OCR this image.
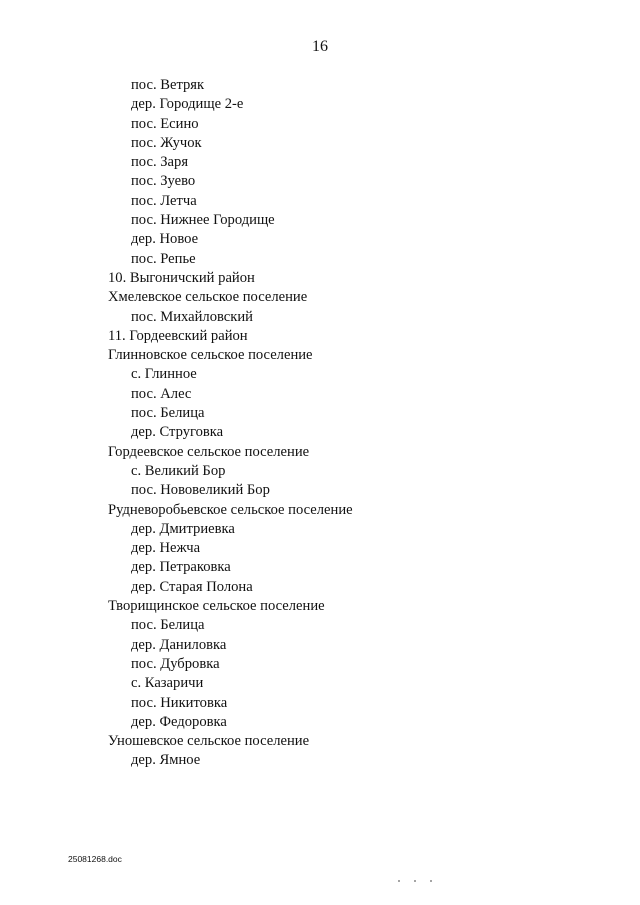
16
пос. Ветряк
дер. Городище 2-е
пос. Есино
пос. Жучок
пос. Заря
пос. Зуево
пос. Летча
пос. Нижнее Городище
дер. Новое
пос. Репье
10. Выгоничский район
Хмелевское сельское поселение
пос. Михайловский
11. Гордеевский район
Глинновское сельское поселение
с. Глинное
пос. Алес
пос. Белица
дер. Струговка
Гордеевское сельское поселение
с. Великий Бор
пос. Нововеликий Бор
Рудневоробьевское сельское поселение
дер. Дмитриевка
дер. Нежча
дер. Петраковка
дер. Старая Полона
Творищинское сельское поселение
пос. Белица
дер. Даниловка
пос. Дубровка
с. Казаричи
пос. Никитовка
дер. Федоровка
Уношевское сельское поселение
дер. Ямное
25081268.doc
